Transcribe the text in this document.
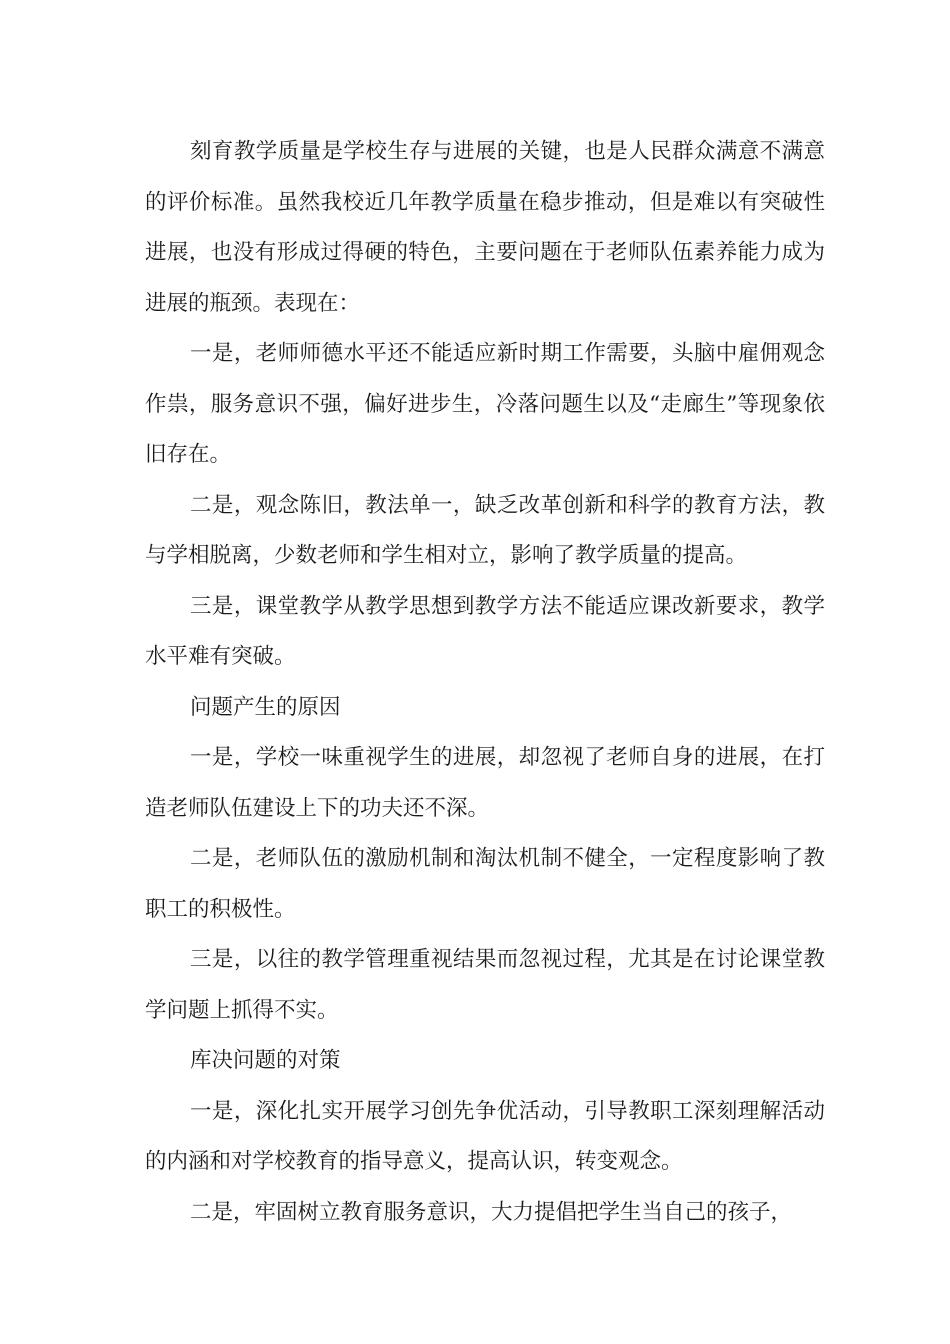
刻育教学质量是学校生存与进展的关键，也是人民群众满意不满意的评价标准。虽然我校近几年教学质量在稳步推动，但是难以有突破性进展，也没有形成过得硬的特色，主要问题在于老师队伍素养能力成为进展的瓶颈。表现在：

一是，老师师德水平还不能适应新时期工作需要，头脑中雇佣观念作祟，服务意识不强，偏好进步生，冷落问题生以及“走廊生”等现象依旧存在。

二是，观念陈旧，教法单一，缺乏改革创新和科学的教育方法，教与学相脱离，少数老师和学生相对立，影响了教学质量的提高。

三是，课堂教学从教学思想到教学方法不能适应课改新要求，教学水平难有突破。

问题产生的原因

一是，学校一味重视学生的进展，却忽视了老师自身的进展，在打造老师队伍建设上下的功夫还不深。

二是，老师队伍的激励机制和淘汰机制不健全，一定程度影响了教职工的积极性。

三是，以往的教学管理重视结果而忽视过程，尤其是在讨论课堂教学问题上抓得不实。

库决问题的对策

一是，深化扎实开展学习创先争优活动，引导教职工深刻理解活动的内涵和对学校教育的指导意义，提高认识，转变观念。

二是，牢固树立教育服务意识，大力提倡把学生当自己的孩子，
